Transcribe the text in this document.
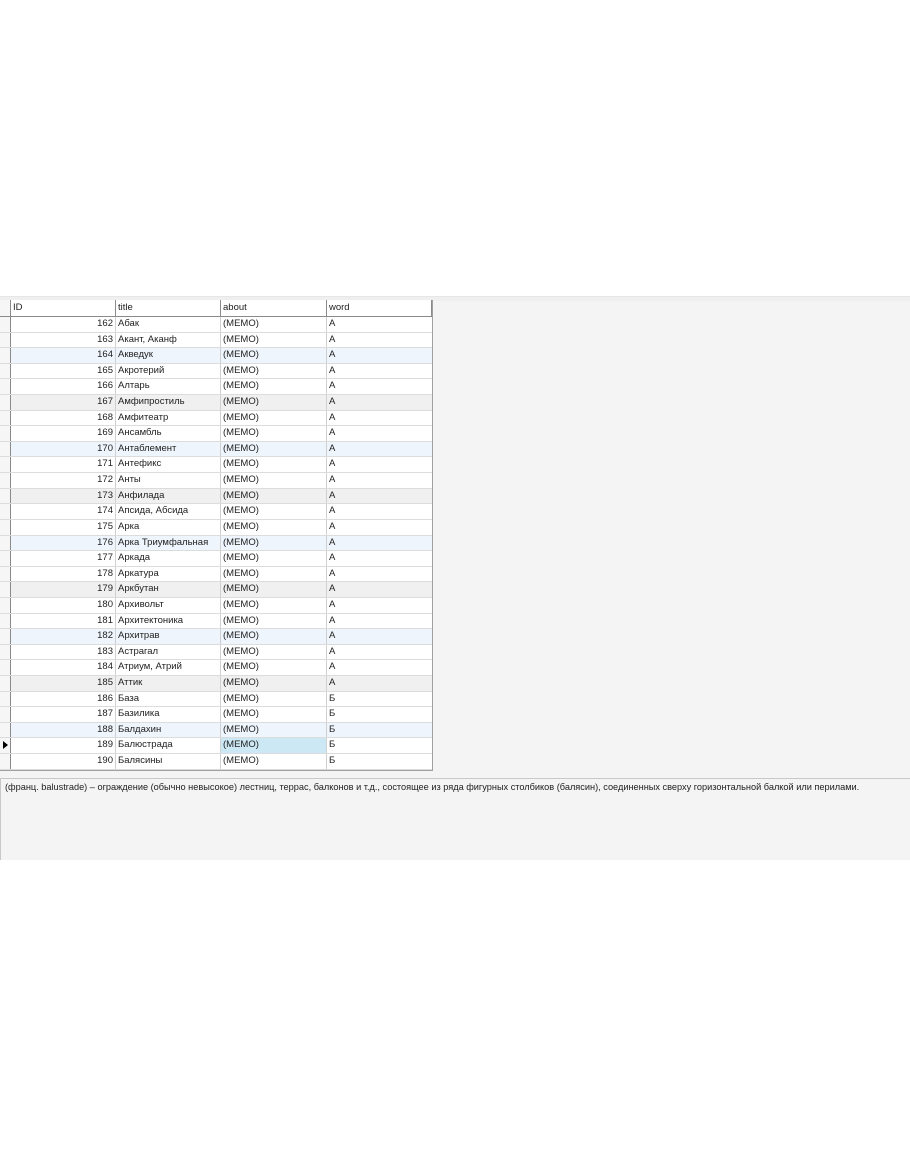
ID	title	about	word
162 Абак	(MEMO)	А
163 Акант, Аканф	(MEMO)	А
164 Акведук	(MEMO)	А
165 Акротерий	(MEMO)	А
166 Алтарь	(MEMO)	А
167 Амфипростиль	(MEMO)	А
168 Амфитеатр	(MEMO)	А
169 Ансамбль	(MEMO)	А
170 Антаблемент	(MEMO)	А
171 Антефикс	(MEMO)	А
172 Анты	(MEMO)	А
173 Анфилада	(MEMO)	А
174 Апсида, Абсида	(MEMO)	А
175 Арка	(MEMO)	А
176 Арка Триумфальная	(MEMO)	А
177 Аркада	(MEMO)	А
178 Аркатура	(MEMO)	А
179 Аркбутан	(MEMO)	А
180 Архивольт	(MEMO)	А
181 Архитектоника	(MEMO)	А
182 Архитрав	(MEMO)	А
183 Астрагал	(MEMO)	А
184 Атриум, Атрий	(MEMO)	А
185 Аттик	(MEMO)	А
186 База	(MEMO)	Б
187 Базилика	(MEMO)	Б
188 Балдахин	(MEMO)	Б
189 Балюстрада	(MEMO)	Б
190 Балясины	(MEMO)	Б
(франц. balustrade) – ограждение (обычно невысокое) лестниц, террас, балконов и т.д., состоящее из ряда фигурных столбиков (балясин), соединенных сверху горизонтальной балкой или перилами.
